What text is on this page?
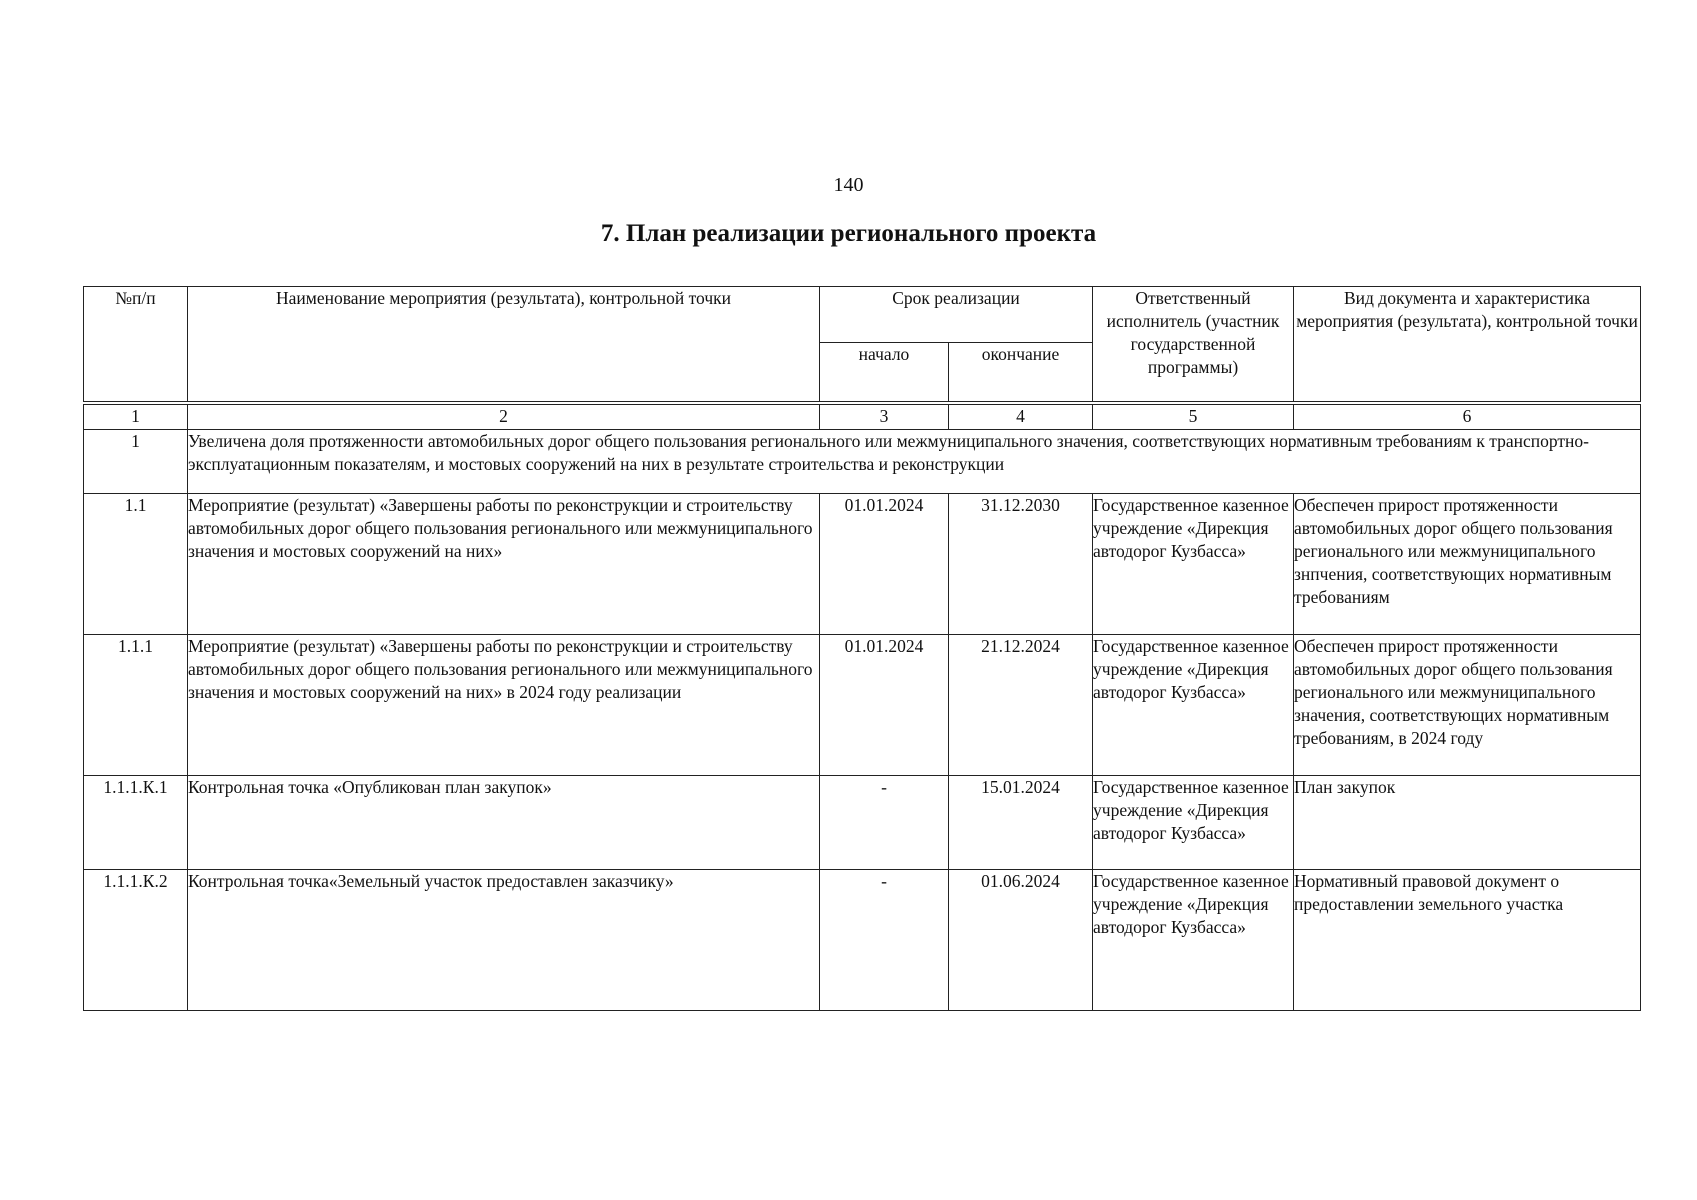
140
7. План реализации регионального проекта
№п/п	Наименование мероприятия (результата), контрольной точки	Срок реализации		Ответственный исполнитель (участник государственной программы)	Вид документа и характеристика мероприятия (результата), контрольной точки
		начало	окончание		
1	2	3	4	5	6
1	Увеличена доля протяженности автомобильных дорог общего пользования регионального или межмуниципального значения, соответствующих нормативным требованиям к транспортно-эксплуатационным показателям, и мостовых сооружений на них в результате строительства и реконструкции				
1.1	Мероприятие (результат) «Завершены работы по реконструкции и строительству автомобильных дорог общего пользования регионального или межмуниципального значения и мостовых сооружений на них»	01.01.2024	31.12.2030	Государственное казенное учреждение «Дирекция автодорог Кузбасса»	Обеспечен прирост протяженности автомобильных дорог общего пользования регионального или межмуниципального знпчения, соответствующих нормативным требованиям
1.1.1	Мероприятие (результат) «Завершены работы по реконструкции и строительству автомобильных дорог общего пользования регионального или межмуниципального значения и мостовых сооружений на них» в 2024 году реализации	01.01.2024	21.12.2024	Государственное казенное учреждение «Дирекция автодорог Кузбасса»	Обеспечен прирост протяженности автомобильных дорог общего пользования регионального или межмуниципального значения, соответствующих нормативным требованиям, в 2024 году
1.1.1.К.1	Контрольная точка «Опубликован план закупок»	-	15.01.2024	Государственное казенное учреждение «Дирекция автодорог Кузбасса»	План закупок
1.1.1.К.2	Контрольная точка«Земельный участок предоставлен заказчику»	-	01.06.2024	Государственное казенное учреждение «Дирекция автодорог Кузбасса»	Нормативный правовой документ о предоставлении земельного участка
